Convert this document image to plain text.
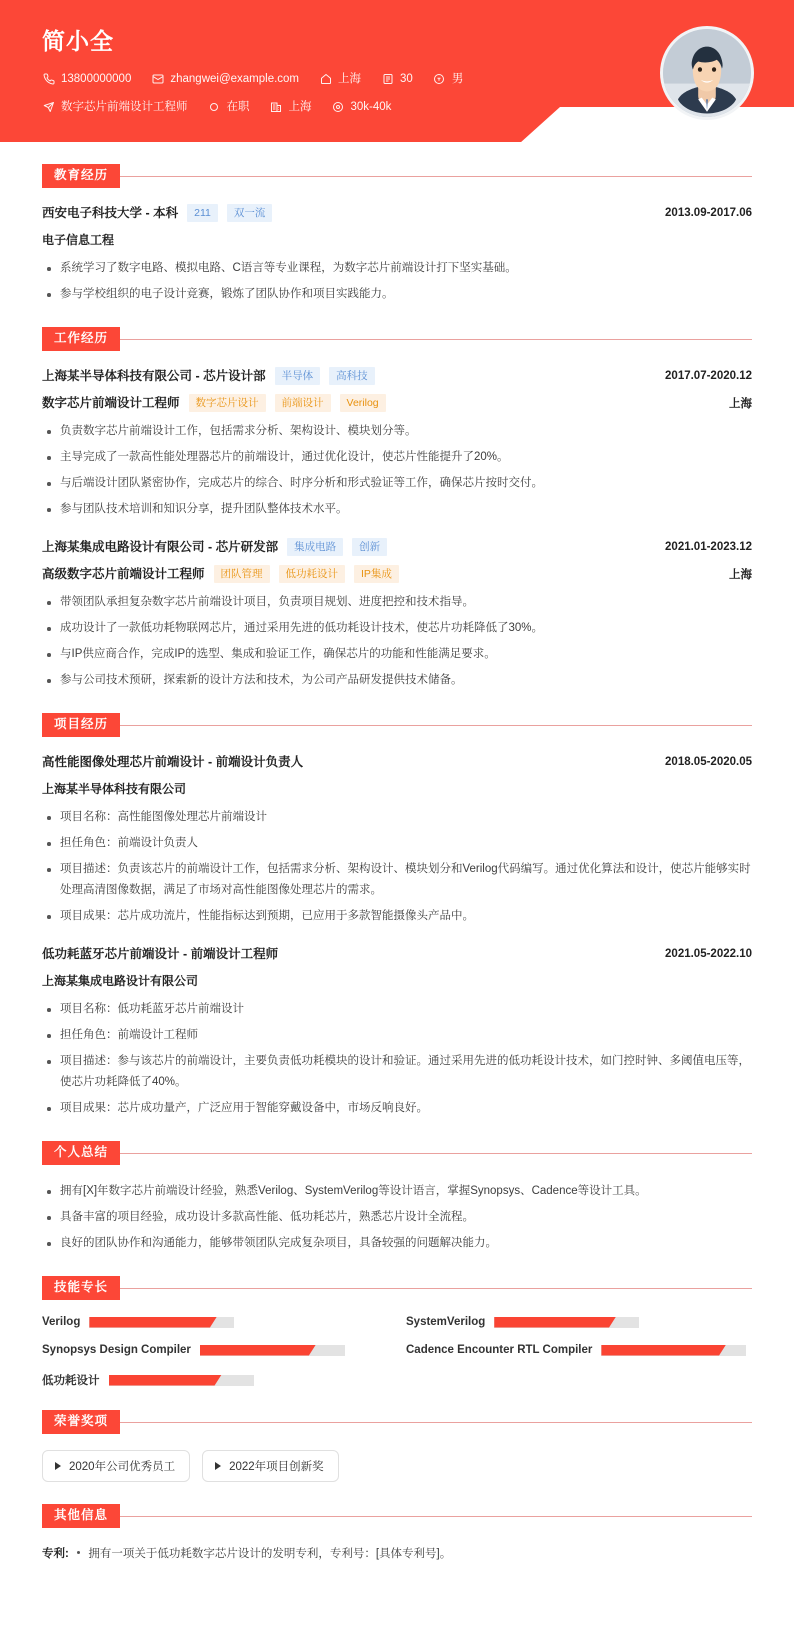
简小全
13800000000	zhangwei@example.com	上海	30	男
数字芯片前端设计工程师	在职	上海	30k-40k
教育经历
西安电子科技大学 - 本科	211	双一流	2013.09-2017.06
电子信息工程
系统学习了数字电路、模拟电路、C语言等专业课程，为数字芯片前端设计打下坚实基础。
参与学校组织的电子设计竞赛，锻炼了团队协作和项目实践能力。
工作经历
上海某半导体科技有限公司 - 芯片设计部	半导体	高科技	2017.07-2020.12
数字芯片前端设计工程师	数字芯片设计	前端设计	Verilog	上海
负责数字芯片前端设计工作，包括需求分析、架构设计、模块划分等。
主导完成了一款高性能处理器芯片的前端设计，通过优化设计，使芯片性能提升了20%。
与后端设计团队紧密协作，完成芯片的综合、时序分析和形式验证等工作，确保芯片按时交付。
参与团队技术培训和知识分享，提升团队整体技术水平。
上海某集成电路设计有限公司 - 芯片研发部	集成电路	创新	2021.01-2023.12
高级数字芯片前端设计工程师	团队管理	低功耗设计	IP集成	上海
带领团队承担复杂数字芯片前端设计项目，负责项目规划、进度把控和技术指导。
成功设计了一款低功耗物联网芯片，通过采用先进的低功耗设计技术，使芯片功耗降低了30%。
与IP供应商合作，完成IP的选型、集成和验证工作，确保芯片的功能和性能满足要求。
参与公司技术预研，探索新的设计方法和技术，为公司产品研发提供技术储备。
项目经历
高性能图像处理芯片前端设计 - 前端设计负责人	2018.05-2020.05
上海某半导体科技有限公司
项目名称：高性能图像处理芯片前端设计
担任角色：前端设计负责人
项目描述：负责该芯片的前端设计工作，包括需求分析、架构设计、模块划分和Verilog代码编写。通过优化算法和设计，使芯片能够实时处理高清图像数据，满足了市场对高性能图像处理芯片的需求。
项目成果：芯片成功流片，性能指标达到预期，已应用于多款智能摄像头产品中。
低功耗蓝牙芯片前端设计 - 前端设计工程师	2021.05-2022.10
上海某集成电路设计有限公司
项目名称：低功耗蓝牙芯片前端设计
担任角色：前端设计工程师
项目描述：参与该芯片的前端设计，主要负责低功耗模块的设计和验证。通过采用先进的低功耗设计技术，如门控时钟、多阈值电压等，使芯片功耗降低了40%。
项目成果：芯片成功量产，广泛应用于智能穿戴设备中，市场反响良好。
个人总结
拥有[X]年数字芯片前端设计经验，熟悉Verilog、SystemVerilog等设计语言，掌握Synopsys、Cadence等设计工具。
具备丰富的项目经验，成功设计多款高性能、低功耗芯片，熟悉芯片设计全流程。
良好的团队协作和沟通能力，能够带领团队完成复杂项目，具备较强的问题解决能力。
技能专长
Verilog	SystemVerilog
Synopsys Design Compiler	Cadence Encounter RTL Compiler
低功耗设计
荣誉奖项
2020年公司优秀员工	2022年项目创新奖
其他信息
专利: 拥有一项关于低功耗数字芯片设计的发明专利，专利号：[具体专利号]。
